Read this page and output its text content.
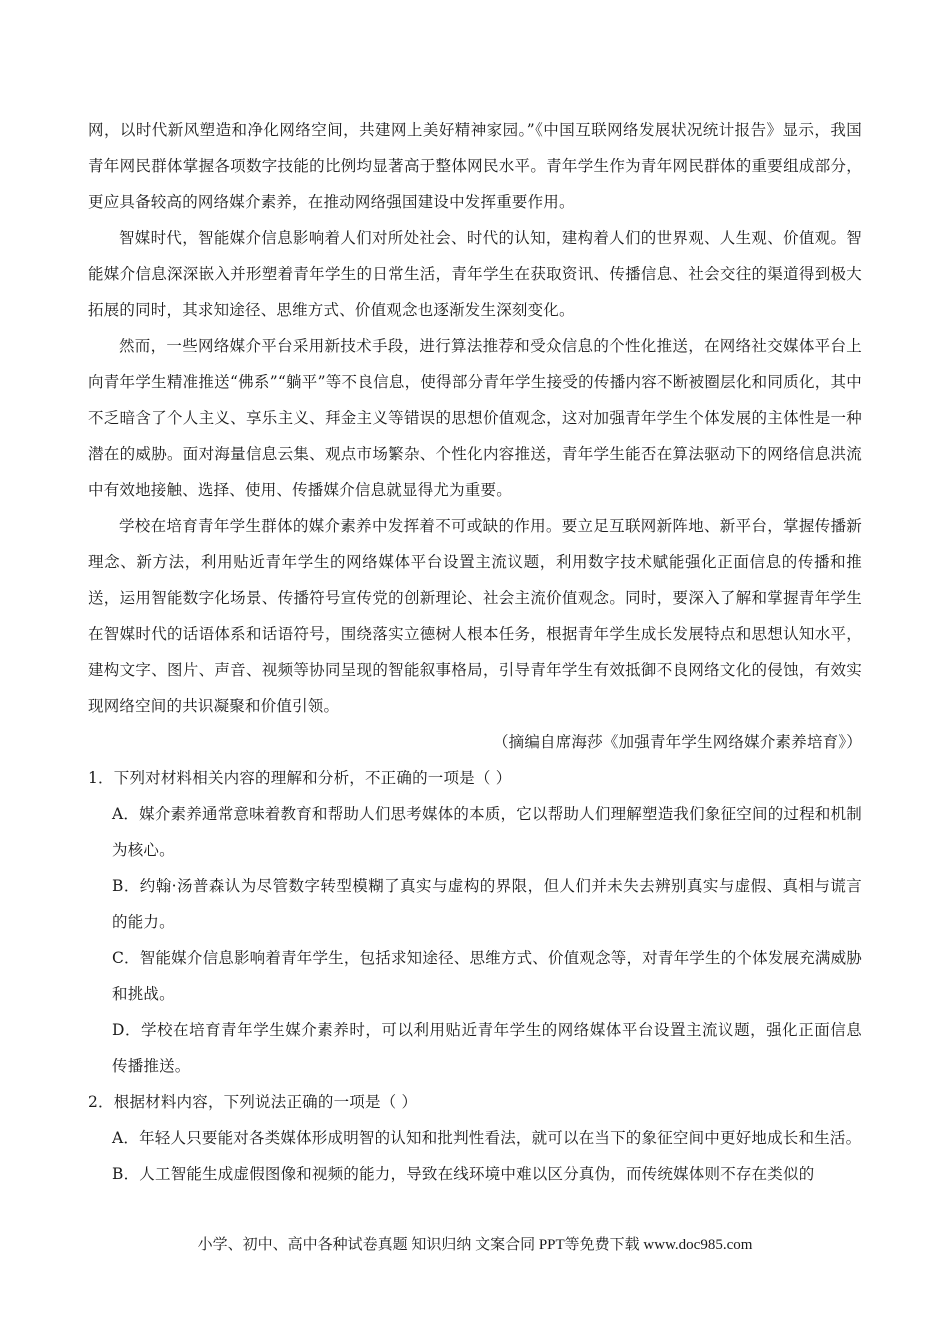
网，以时代新风塑造和净化网络空间，共建网上美好精神家园。”《中国互联网络发展状况统计报告》显示，我国青年网民群体掌握各项数字技能的比例均显著高于整体网民水平。青年学生作为青年网民群体的重要组成部分，更应具备较高的网络媒介素养，在推动网络强国建设中发挥重要作用。

智媒时代，智能媒介信息影响着人们对所处社会、时代的认知，建构着人们的世界观、人生观、价值观。智能媒介信息深深嵌入并形塑着青年学生的日常生活，青年学生在获取资讯、传播信息、社会交往的渠道得到极大拓展的同时，其求知途径、思维方式、价值观念也逐渐发生深刻变化。

然而，一些网络媒介平台采用新技术手段，进行算法推荐和受众信息的个性化推送，在网络社交媒体平台上向青年学生精准推送“佛系”“躺平”等不良信息，使得部分青年学生接受的传播内容不断被圈层化和同质化，其中不乏暗含了个人主义、享乐主义、拜金主义等错误的思想价值观念，这对加强青年学生个体发展的主体性是一种潜在的威胁。面对海量信息云集、观点市场繁杂、个性化内容推送，青年学生能否在算法驱动下的网络信息洪流中有效地接触、选择、使用、传播媒介信息就显得尤为重要。

学校在培育青年学生群体的媒介素养中发挥着不可或缺的作用。要立足互联网新阵地、新平台，掌握传播新理念、新方法，利用贴近青年学生的网络媒体平台设置主流议题，利用数字技术赋能强化正面信息的传播和推送，运用智能数字化场景、传播符号宣传党的创新理论、社会主流价值观念。同时，要深入了解和掌握青年学生在智媒时代的话语体系和话语符号，围绕落实立德树人根本任务，根据青年学生成长发展特点和思想认知水平，建构文字、图片、声音、视频等协同呈现的智能叙事格局，引导青年学生有效抵御不良网络文化的侵蚀，有效实现网络空间的共识凝聚和价值引领。

（摘编自席海莎《加强青年学生网络媒介素养培育》）

1．下列对材料相关内容的理解和分析，不正确的一项是（ ）

A．媒介素养通常意味着教育和帮助人们思考媒体的本质，它以帮助人们理解塑造我们象征空间的过程和机制为核心。

B．约翰·汤普森认为尽管数字转型模糊了真实与虚构的界限，但人们并未失去辨别真实与虚假、真相与谎言的能力。

C．智能媒介信息影响着青年学生，包括求知途径、思维方式、价值观念等，对青年学生的个体发展充满威胁和挑战。

D．学校在培育青年学生媒介素养时，可以利用贴近青年学生的网络媒体平台设置主流议题，强化正面信息传播推送。

2．根据材料内容，下列说法正确的一项是（ ）

A．年轻人只要能对各类媒体形成明智的认知和批判性看法，就可以在当下的象征空间中更好地成长和生活。

B．人工智能生成虚假图像和视频的能力，导致在线环境中难以区分真伪，而传统媒体则不存在类似的

小学、初中、高中各种试卷真题 知识归纳 文案合同 PPT等免费下载 www.doc985.com
